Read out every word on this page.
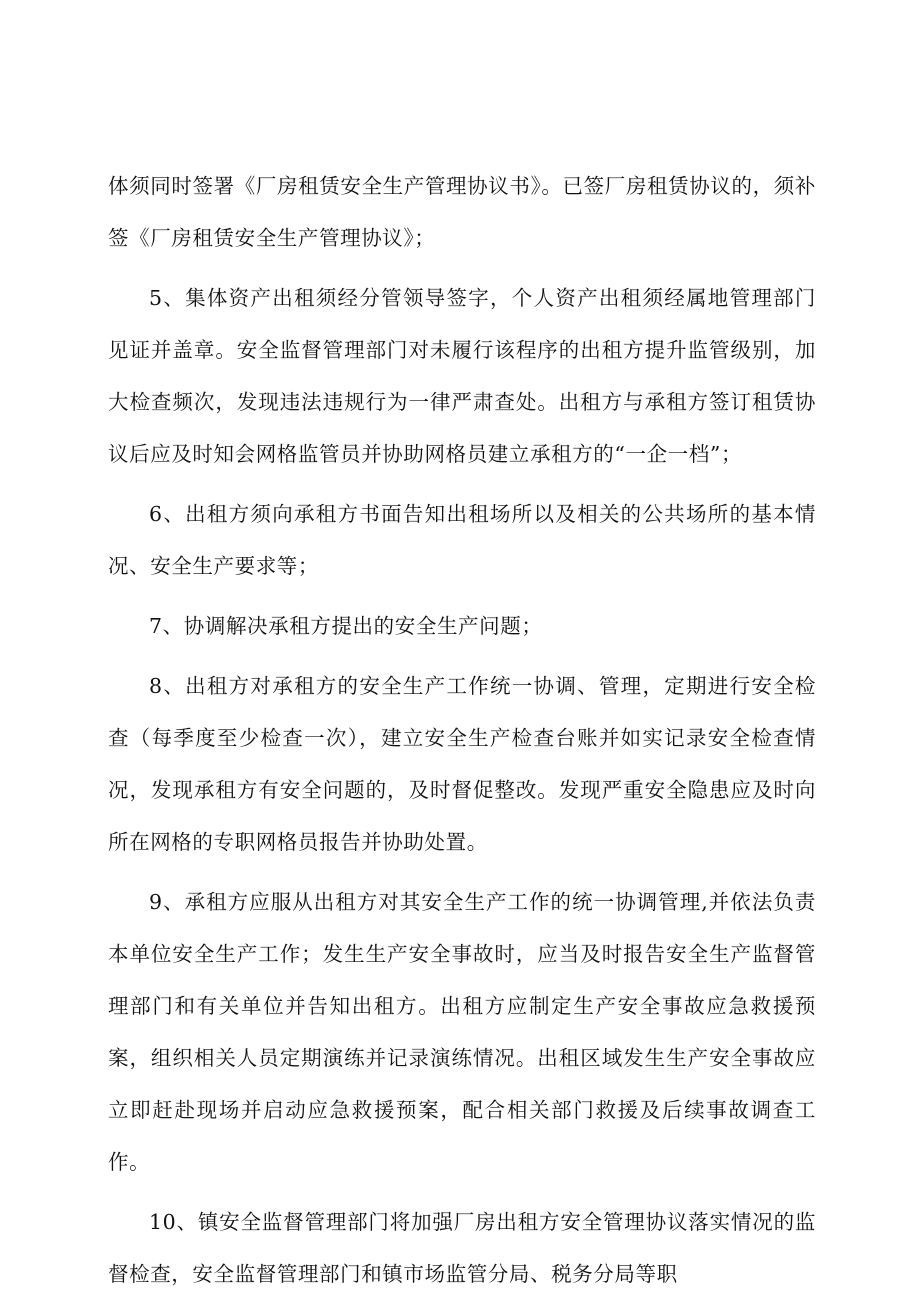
体须同时签署《厂房租赁安全生产管理协议书》。已签厂房租赁协议的，须补签《厂房租赁安全生产管理协议》；

5、集体资产出租须经分管领导签字，个人资产出租须经属地管理部门见证并盖章。安全监督管理部门对未履行该程序的出租方提升监管级别，加大检查频次，发现违法违规行为一律严肃查处。出租方与承租方签订租赁协议后应及时知会网格监管员并协助网格员建立承租方的“一企一档”；

6、出租方须向承租方书面告知出租场所以及相关的公共场所的基本情况、安全生产要求等；

7、协调解决承租方提出的安全生产问题；

8、出租方对承租方的安全生产工作统一协调、管理，定期进行安全检查（每季度至少检查一次），建立安全生产检查台账并如实记录安全检查情况，发现承租方有安全问题的，及时督促整改。发现严重安全隐患应及时向所在网格的专职网格员报告并协助处置。

9、承租方应服从出租方对其安全生产工作的统一协调管理,并依法负责本单位安全生产工作；发生生产安全事故时，应当及时报告安全生产监督管理部门和有关单位并告知出租方。出租方应制定生产安全事故应急救援预案，组织相关人员定期演练并记录演练情况。出租区域发生生产安全事故应立即赶赴现场并启动应急救援预案，配合相关部门救援及后续事故调查工作。

10、镇安全监督管理部门将加强厂房出租方安全管理协议落实情况的监督检查，安全监督管理部门和镇市场监管分局、税务分局等职
